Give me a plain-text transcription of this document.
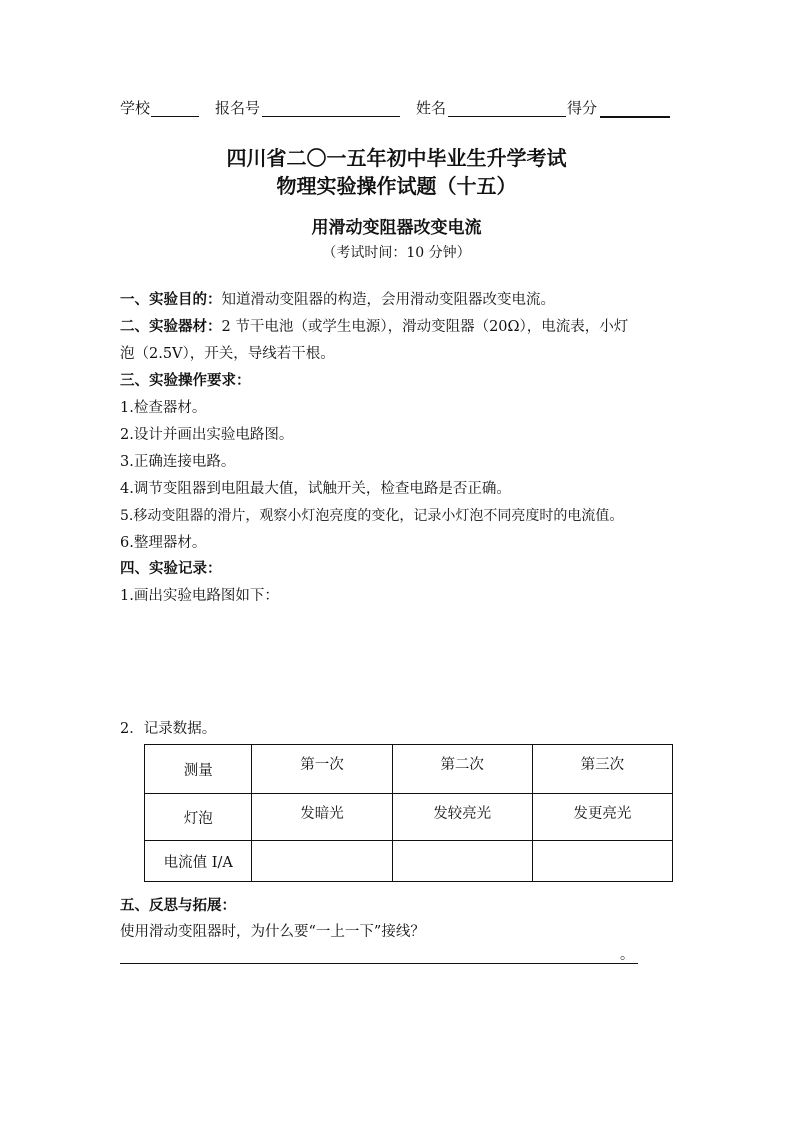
学校	报名号	姓名	得分
四川省二〇一五年初中毕业生升学考试
物理实验操作试题（十五）
用滑动变阻器改变电流
（考试时间：10 分钟）
一、实验目的：知道滑动变阻器的构造，会用滑动变阻器改变电流。
二、实验器材：2 节干电池（或学生电源），滑动变阻器（20Ω），电流表，小灯
泡（2.5V），开关，导线若干根。
三、实验操作要求：
1.检查器材。
2.设计并画出实验电路图。
3.正确连接电路。
4.调节变阻器到电阻最大值，试触开关，检查电路是否正确。
5.移动变阻器的滑片，观察小灯泡亮度的变化，记录小灯泡不同亮度时的电流值。
6.整理器材。
四、实验记录：
1.画出实验电路图如下：
2．记录数据。
测量	第一次	第二次	第三次
灯泡	发暗光	发较亮光	发更亮光
电流值 I/A			
五、反思与拓展：
使用滑动变阻器时，为什么要“一上一下”接线？
。
